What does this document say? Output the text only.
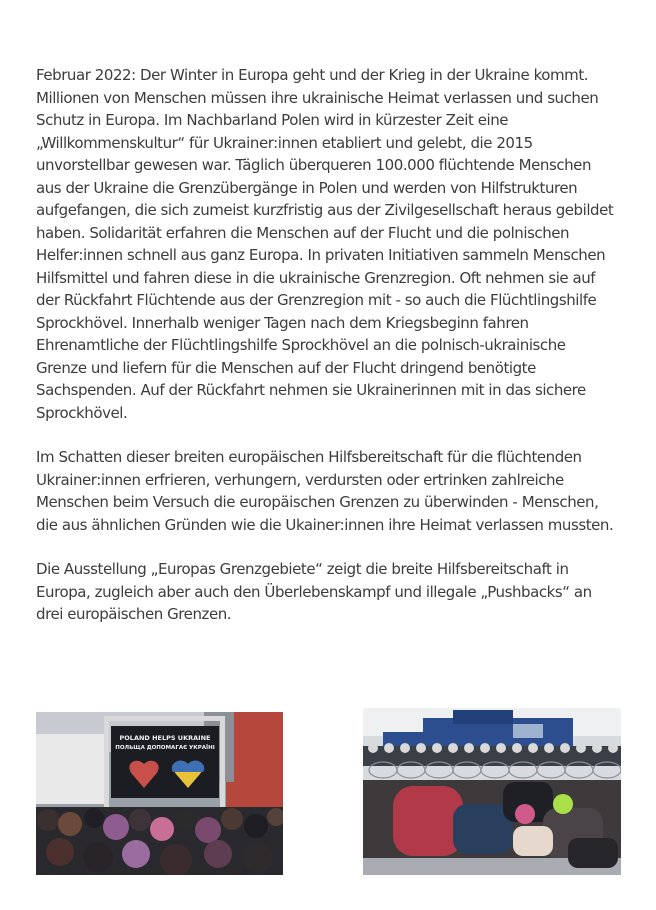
Februar 2022: Der Winter in Europa geht und der Krieg in der Ukraine kommt. Millionen von Menschen müssen ihre ukrainische Heimat verlassen und suchen Schutz in Europa. Im Nachbarland Polen wird in kürzester Zeit eine „Willkommenskultur“ für Ukrainer:innen etabliert und gelebt, die 2015 unvorstellbar gewesen war. Täglich überqueren 100.000 flüchtende Menschen aus der Ukraine die Grenzübergänge in Polen und werden von Hilfstrukturen aufgefangen, die sich zumeist kurzfristig aus der Zivilgesellschaft heraus gebildet haben. Solidarität erfahren die Menschen auf der Flucht und die polnischen Helfer:innen schnell aus ganz Europa. In privaten Initiativen sammeln Menschen Hilfsmittel und fahren diese in die ukrainische Grenzregion. Oft nehmen sie auf der Rückfahrt Flüchtende aus der Grenzregion mit - so auch die Flüchtlingshilfe Sprockhövel. Innerhalb weniger Tagen nach dem Kriegsbeginn fahren Ehrenamtliche der Flüchtlingshilfe Sprockhövel an die polnisch-ukrainische Grenze und liefern für die Menschen auf der Flucht dringend benötigte Sachspenden. Auf der Rückfahrt nehmen sie Ukrainerinnen mit in das sichere Sprockhövel.

Im Schatten dieser breiten europäischen Hilfsbereitschaft für die flüchtenden Ukrainer:innen erfrieren, verhungern, verdursten oder ertrinken zahlreiche Menschen beim Versuch die europäischen Grenzen zu überwinden - Menschen, die aus ähnlichen Gründen wie die Ukainer:innen ihre Heimat verlassen mussten.

Die Ausstellung „Europas Grenzgebiete“ zeigt die breite Hilfsbereitschaft in Europa, zugleich aber auch den Überlebenskampf und illegale „Pushbacks“ an drei europäischen Grenzen.

POLAND HELPS UKRAINE
ПОЛЬЩА ДОПОМАГАЄ УКРАЇНІ
